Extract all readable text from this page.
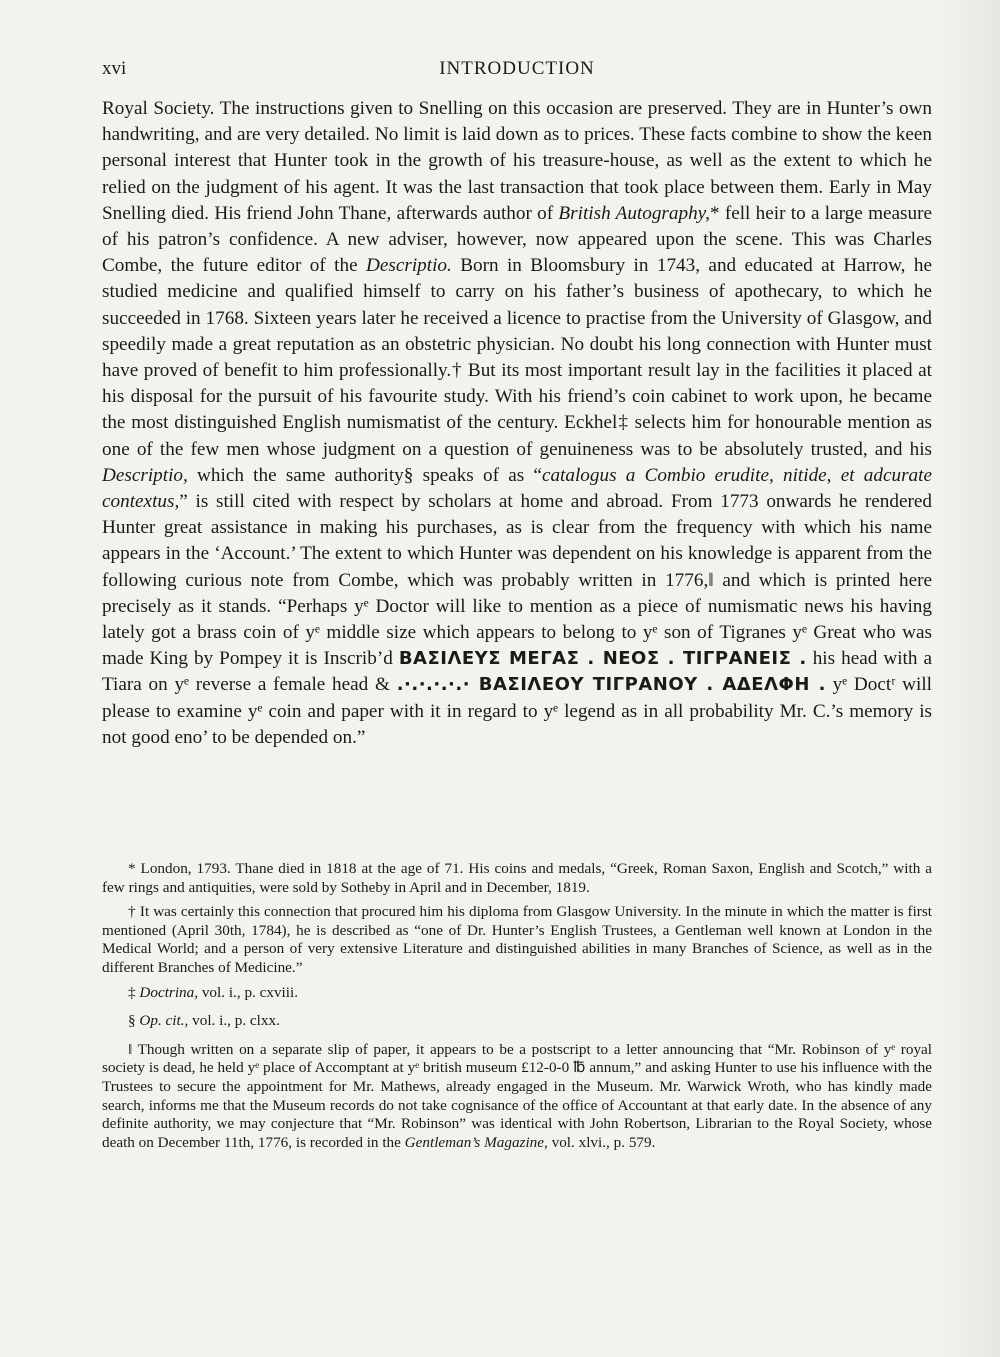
xvi	INTRODUCTION

Royal Society. The instructions given to Snelling on this occasion are preserved. They are in Hunter’s own handwriting, and are very detailed. No limit is laid down as to prices. These facts combine to show the keen personal interest that Hunter took in the growth of his treasure-house, as well as the extent to which he relied on the judgment of his agent. It was the last transaction that took place between them. Early in May Snelling died. His friend John Thane, afterwards author of British Autography,* fell heir to a large measure of his patron’s confidence. A new adviser, however, now appeared upon the scene. This was Charles Combe, the future editor of the Descriptio. Born in Bloomsbury in 1743, and educated at Harrow, he studied medicine and qualified himself to carry on his father’s business of apothecary, to which he succeeded in 1768. Sixteen years later he received a licence to practise from the University of Glasgow, and speedily made a great reputation as an obstetric physician. No doubt his long connection with Hunter must have proved of benefit to him professionally.† But its most important result lay in the facilities it placed at his disposal for the pursuit of his favourite study. With his friend’s coin cabinet to work upon, he became the most distinguished English numismatist of the century. Eckhel‡ selects him for honourable mention as one of the few men whose judgment on a question of genuineness was to be absolutely trusted, and his Descriptio, which the same authority§ speaks of as “catalogus a Combio erudite, nitide, et adcurate contextus,” is still cited with respect by scholars at home and abroad. From 1773 onwards he rendered Hunter great assistance in making his purchases, as is clear from the frequency with which his name appears in the ‘Account.’ The extent to which Hunter was dependent on his knowledge is apparent from the following curious note from Combe, which was probably written in 1776,‖ and which is printed here precisely as it stands. “Perhaps yᵉ Doctor will like to mention as a piece of numismatic news his having lately got a brass coin of yᵉ middle size which appears to belong to yᵉ son of Tigranes yᵉ Great who was made King by Pompey it is Inscrib’d ΒΑΣΙΛΕΥΣ ΜΕΓΑΣ . ΝΕΟΣ . ΤΙΓΡΑΝΕΙΣ . his head with a Tiara on yᵉ reverse a female head & .·.·.·.·.· ΒΑΣΙΛΕΟΥ ΤΙΓΡΑΝΟΥ . ΑΔΕΛΦΗ . yᵉ Doctʳ will please to examine yᵉ coin and paper with it in regard to yᵉ legend as in all probability Mr. C.’s memory is not good eno’ to be depended on.”

* London, 1793. Thane died in 1818 at the age of 71. His coins and medals, “Greek, Roman Saxon, English and Scotch,” with a few rings and antiquities, were sold by Sotheby in April and in December, 1819.

† It was certainly this connection that procured him his diploma from Glasgow University. In the minute in which the matter is first mentioned (April 30th, 1784), he is described as “one of Dr. Hunter’s English Trustees, a Gentleman well known at London in the Medical World; and a person of very extensive Literature and distinguished abilities in many Branches of Science, as well as in the different Branches of Medicine.”

‡ Doctrina, vol. i., p. cxviii.

§ Op. cit., vol. i., p. clxx.

‖ Though written on a separate slip of paper, it appears to be a postscript to a letter announcing that “Mr. Robinson of yᵉ royal society is dead, he held yᵉ place of Accomptant at yᵉ british museum £12-0-0 ℔ annum,” and asking Hunter to use his influence with the Trustees to secure the appointment for Mr. Mathews, already engaged in the Museum. Mr. Warwick Wroth, who has kindly made search, informs me that the Museum records do not take cognisance of the office of Accountant at that early date. In the absence of any definite authority, we may conjecture that “Mr. Robinson” was identical with John Robertson, Librarian to the Royal Society, whose death on December 11th, 1776, is recorded in the Gentleman’s Magazine, vol. xlvi., p. 579.
